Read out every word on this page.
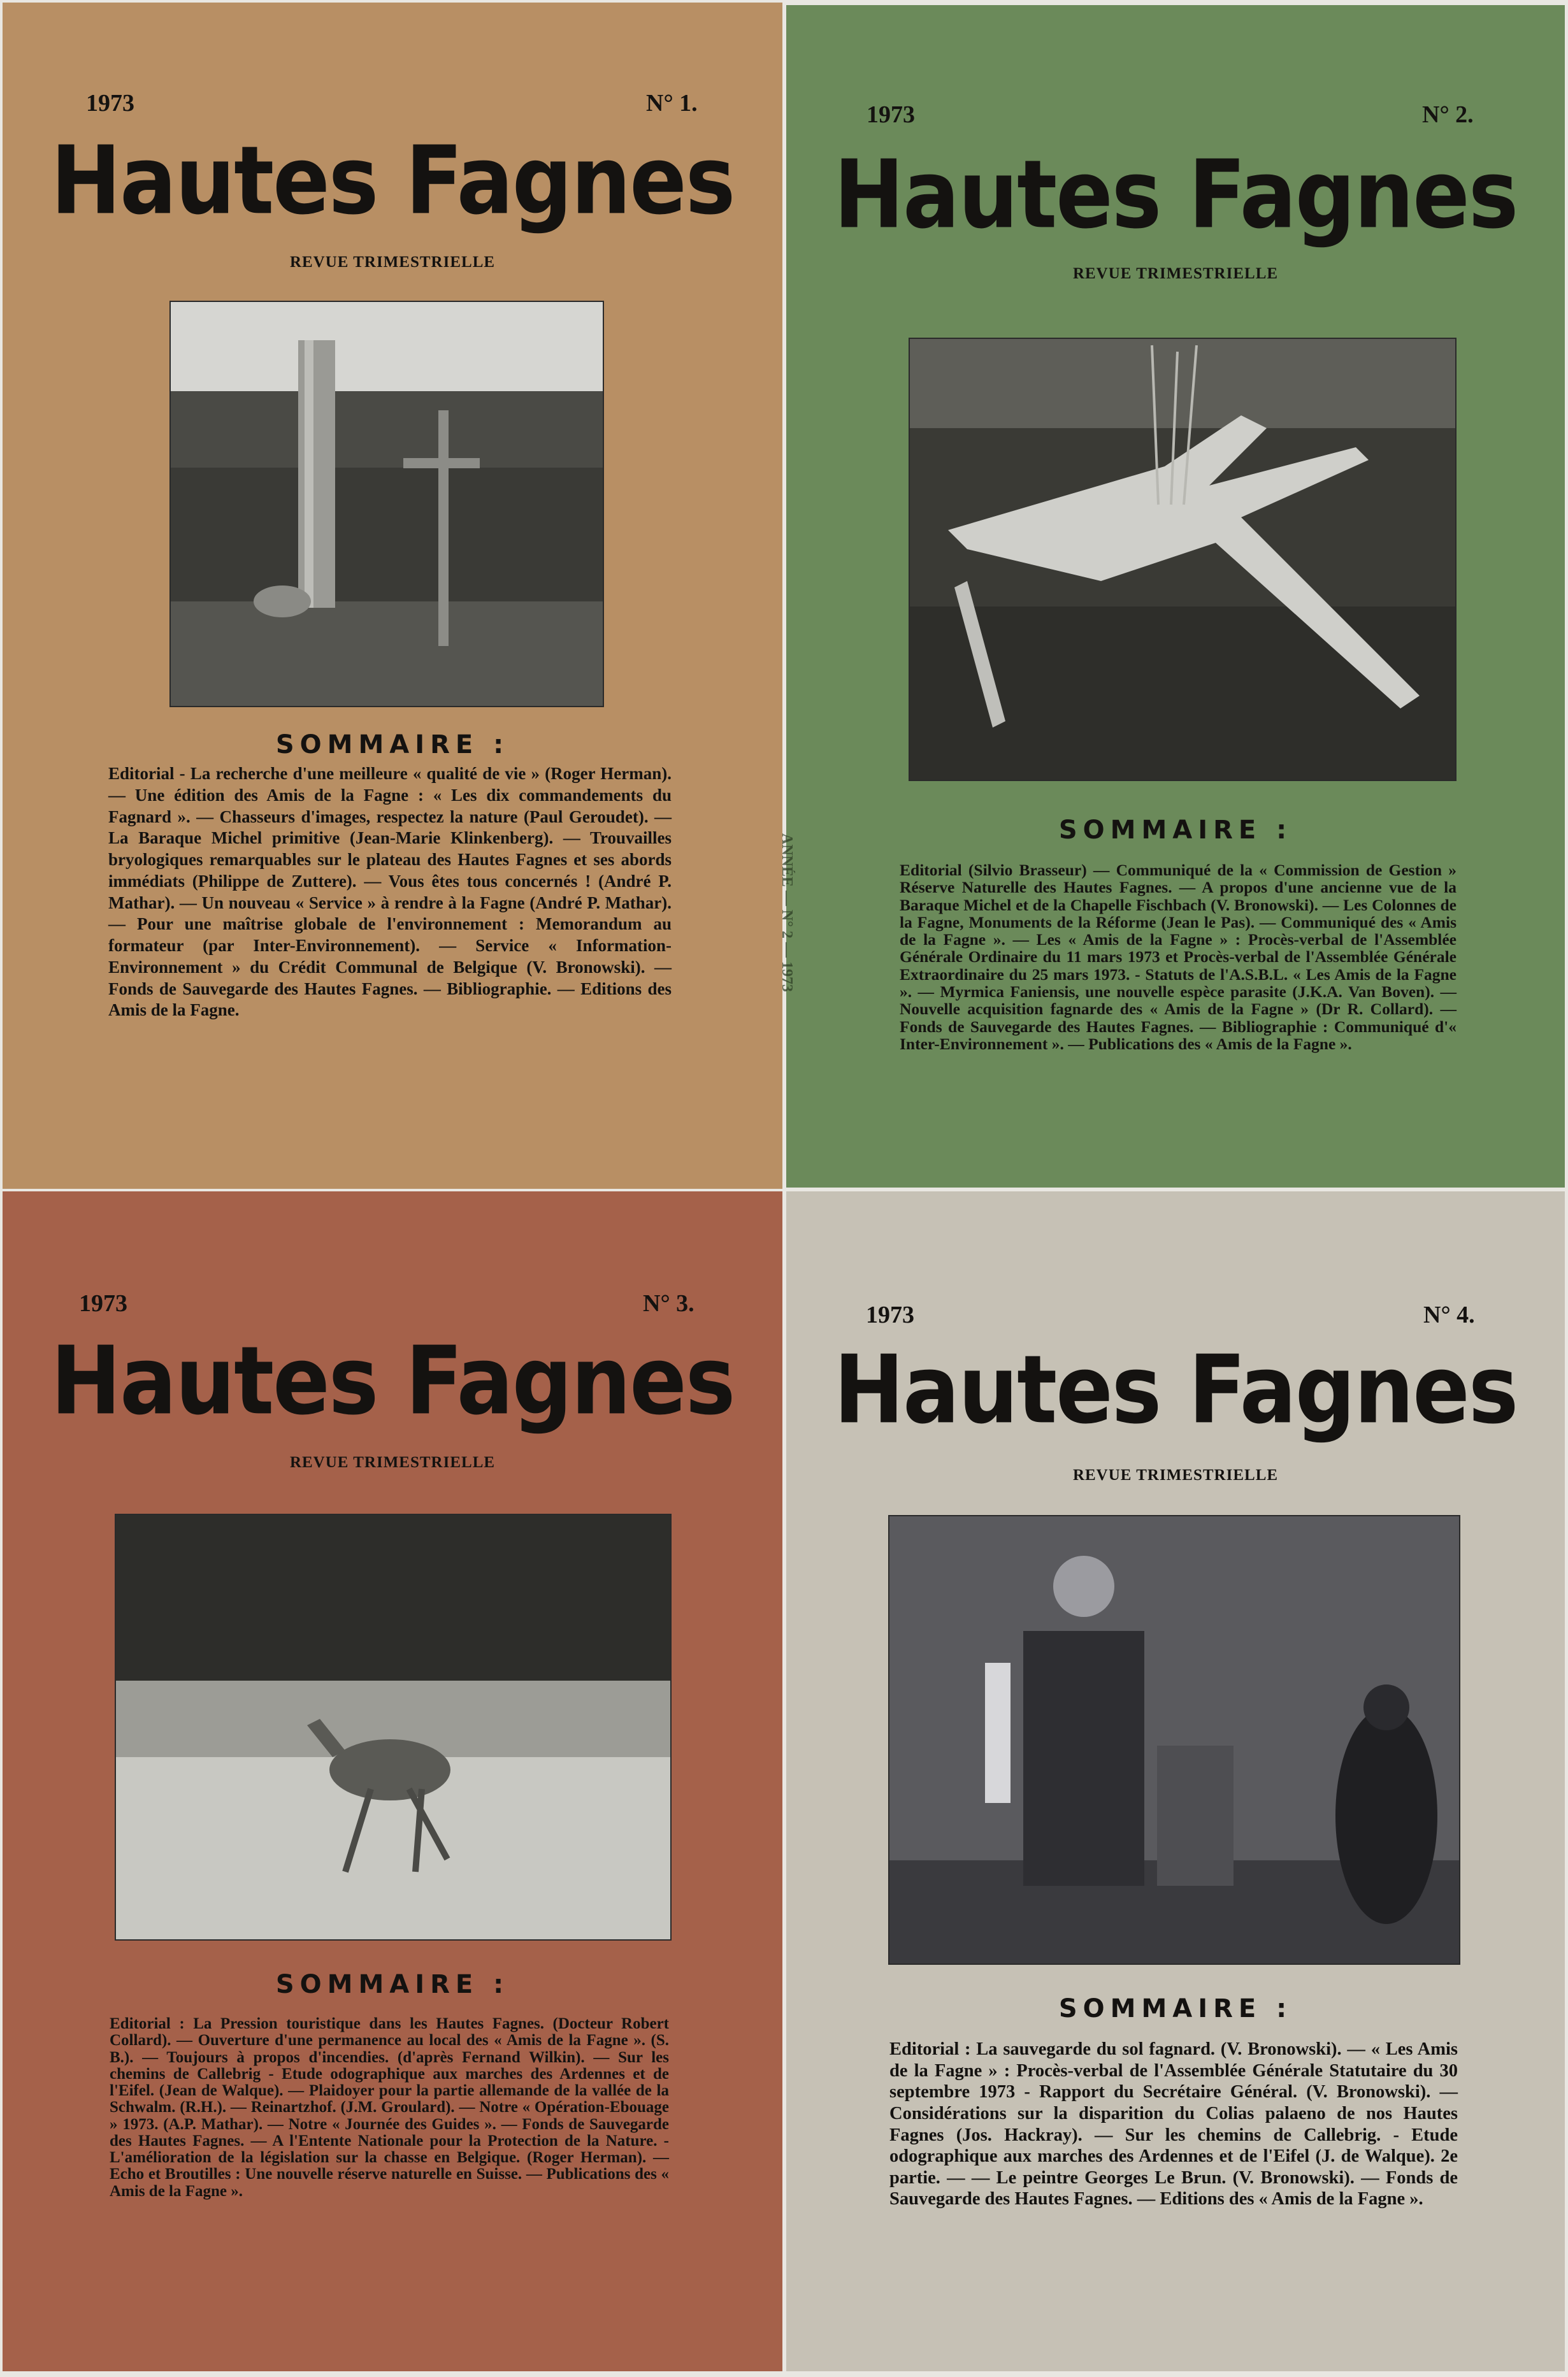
1973	N° 1.
Hautes Fagnes
REVUE TRIMESTRIELLE
SOMMAIRE :

Editorial - La recherche d'une meilleure « qualité de vie » (Roger Herman). — Une édition des Amis de la Fagne : « Les dix commandements du Fagnard ». — Chasseurs d'images, respectez la nature (Paul Geroudet). — La Baraque Michel primitive (Jean-Marie Klinkenberg). — Trouvailles bryologiques remarquables sur le plateau des Hautes Fagnes et ses abords immédiats (Philippe de Zuttere). — Vous êtes tous concernés ! (André P. Mathar). — Un nouveau « Service » à rendre à la Fagne (André P. Mathar). — Pour une maîtrise globale de l'environnement : Memorandum au formateur (par Inter-Environnement). — Service « Information-Environnement » du Crédit Communal de Belgique (V. Bronowski). — Fonds de Sauvegarde des Hautes Fagnes. — Bibliographie. — Editions des Amis de la Fagne.

1973	N° 2.
Hautes Fagnes
REVUE TRIMESTRIELLE
SOMMAIRE :

Editorial (Silvio Brasseur) — Communiqué de la « Commission de Gestion » Réserve Naturelle des Hautes Fagnes. — A propos d'une ancienne vue de la Baraque Michel et de la Chapelle Fischbach (V. Bronowski). — Les Colonnes de la Fagne, Monuments de la Réforme (Jean le Pas). — Communiqué des « Amis de la Fagne ». — Les « Amis de la Fagne » : Procès-verbal de l'Assemblée Générale Ordinaire du 11 mars 1973 et Procès-verbal de l'Assemblée Générale Extraordinaire du 25 mars 1973. - Statuts de l'A.S.B.L. « Les Amis de la Fagne ». — Myrmica Faniensis, une nouvelle espèce parasite (J.K.A. Van Boven). — Nouvelle acquisition fagnarde des « Amis de la Fagne » (Dr R. Collard). — Fonds de Sauvegarde des Hautes Fagnes. — Bibliographie : Communiqué d'« Inter-Environnement ». — Publications des « Amis de la Fagne ».

ANNÉE — N° 2 — 1973
1973	N° 3.
Hautes Fagnes
REVUE TRIMESTRIELLE
SOMMAIRE :

Editorial : La Pression touristique dans les Hautes Fagnes. (Docteur Robert Collard). — Ouverture d'une permanence au local des « Amis de la Fagne ». (S. B.). — Toujours à propos d'incendies. (d'après Fernand Wilkin). — Sur les chemins de Callebrig - Etude odographique aux marches des Ardennes et de l'Eifel. (Jean de Walque). — Plaidoyer pour la partie allemande de la vallée de la Schwalm. (R.H.). — Reinartzhof. (J.M. Groulard). — Notre « Opération-Ebouage » 1973. (A.P. Mathar). — Notre « Journée des Guides ». — Fonds de Sauvegarde des Hautes Fagnes. — A l'Entente Nationale pour la Protection de la Nature. - L'amélioration de la législation sur la chasse en Belgique. (Roger Herman). — Echo et Broutilles : Une nouvelle réserve naturelle en Suisse. — Publications des « Amis de la Fagne ».

1973	N° 4.
Hautes Fagnes
REVUE TRIMESTRIELLE
SOMMAIRE :

Editorial : La sauvegarde du sol fagnard. (V. Bronowski). — « Les Amis de la Fagne » : Procès-verbal de l'Assemblée Générale Statutaire du 30 septembre 1973 - Rapport du Secrétaire Général. (V. Bronowski). — Considérations sur la disparition du Colias palaeno de nos Hautes Fagnes (Jos. Hackray). — Sur les chemins de Callebrig. - Etude odographique aux marches des Ardennes et de l'Eifel (J. de Walque). 2e partie. — — Le peintre Georges Le Brun. (V. Bronowski). — Fonds de Sauvegarde des Hautes Fagnes. — Editions des « Amis de la Fagne ».
